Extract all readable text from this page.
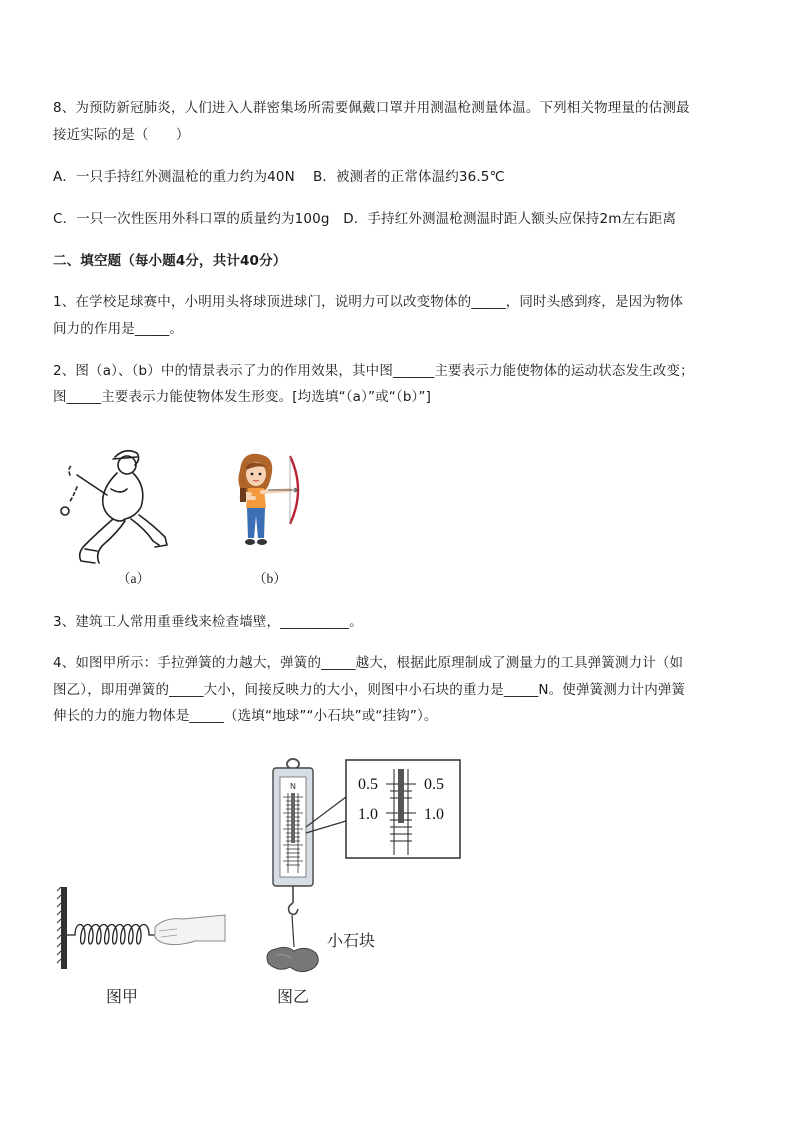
8、为预防新冠肺炎，人们进入人群密集场所需要佩戴口罩并用测温枪测量体温。下列相关物理量的估测最
接近实际的是（　　）
A．一只手持红外测温枪的重力约为40N　 B．被测者的正常体温约36.5℃
C．一只一次性医用外科口罩的质量约为100g　D．手持红外测温枪测温时距人额头应保持2m左右距离
二、填空题（每小题4分，共计40分）
1、在学校足球赛中，小明用头将球顶进球门，说明力可以改变物体的_____，同时头感到疼，是因为物体
间力的作用是_____。
2、图（a）、（b）中的情景表示了力的作用效果，其中图______主要表示力能使物体的运动状态发生改变；
图_____主要表示力能使物体发生形变。[均选填“（a）”或“（b）”]
（a）	（b）
3、建筑工人常用重垂线来检查墙壁，__________。
4、如图甲所示：手拉弹簧的力越大，弹簧的_____越大，根据此原理制成了测量力的工具弹簧测力计（如
图乙），即用弹簧的_____大小，间接反映力的大小，则图中小石块的重力是_____N。使弹簧测力计内弹簧
伸长的力的施力物体是_____（选填“地球”“小石块”或“挂钩”）。
图甲
N	0.5	0.5
1.0	1.0
小石块
图乙
